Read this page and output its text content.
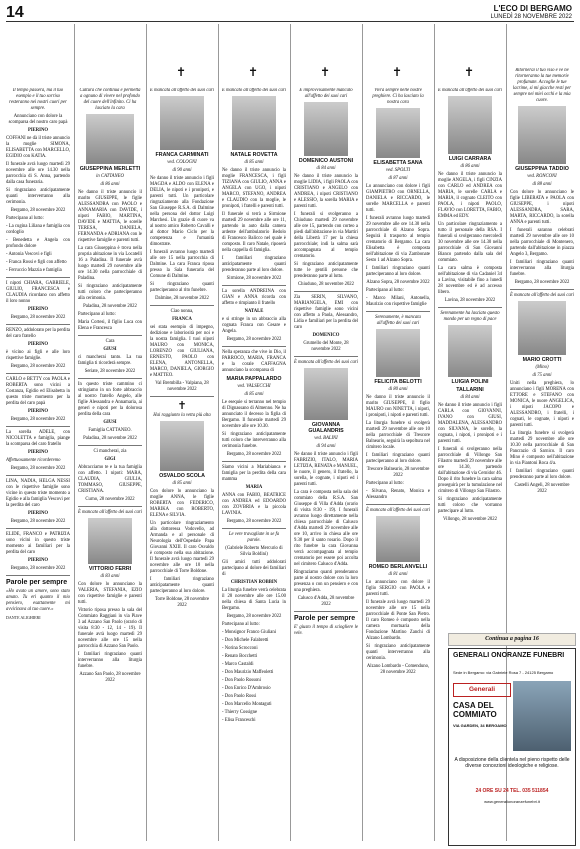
14	L'ECO DI BERGAMO
LUNEDÌ 28 NOVEMBRE 2022

Il tempo passerà, ma il tuo esempio e il tuo sorriso resteranno nei nostri cuori per sempre.

Annunciano con dolore la scomparsa del nostro caro papà

PIERINO

COFFANI ne dà il triste annuncio la moglie SIMONA, ELISABETTA con MARCELLO, EGIDIO con KATIA.

Il funerale avrà luogo martedì 29 novembre alle ore 14.30 nella parrocchia di S. Anna, partendo dalla casa funeraria.

Si ringraziano anticipatamente quanti interverranno alla cerimonia.

Bergamo, 28 novembre 2022

Partecipano al lutto:

- La cugina Liliana e famiglia con cordoglio

- Benedetta e Angela con profondo dolore

- Antonia Vescovi e figli

- Franca Rossi e figli con affetto

- Ferruccio Mazzia e famiglia

I nipoti CHIARA, GABRIELE, GIULIO, FRANCESCA e CLAUDIA ricordano con affetto il loro nonno

PIERINO

Bergamo, 28 novembre 2022

RENZO, addolorato per la perdita del caro fratello

PIERINO

è vicino ai figli e alle loro rispettive famiglie.

Bergamo, 28 novembre 2022

CARLO e BETTY con PAOLA e ROBERTA sono vicini a Costanza, Egidio ed Elisabetta in questo triste momento per la perdita del caro papà

PIERINO

Bergamo, 28 novembre 2022

La sorella ADELE, con NICOLETTA e famiglia, piange la scomparsa del caro fratello

PIERINO

Affettuosamente ricorderemo

Bergamo, 28 novembre 2022

LINA, NADIA, HELGA NESSI con le rispettive famiglie sono vicine in questo triste momento a Egidio e alla famiglia Vescovi per la perdita del caro

PIERINO

Bergamo, 28 novembre 2022

ELIDE, FRANCO e PATRIZIA sono vicini in questo triste momento ai familiari per la perdita del caro

PIERINO

Bergamo, 28 novembre 2022

Parole per sempre

«Ho avuto un amore, sono stato amato. Tu eri quanto il mio pensiero, esattamente mi avvicinava al tuo cuore.»

DANTE ALIGHIERI

Cultura che continua e permetta a ognuno di vivere nel profondo del cuore dell'infinito. Ci ha lasciato la cara

GIUSEPPINA MERLETTI

in CATTANEO

di 86 anni

Ne danno il triste annuncio il marito GIUSEPPE, le figlie ALESSANDRA con PAOLO e ANNAMARIA con DAVIDE, i nipoti FABIO, MARTINA, DAVIDE e MATTIA, le sorelle TERESA, DANIELA, FERNANDA e ADRIANA con le rispettive famiglie e parenti tutti.

La cara Giuseppina è trova nella propria abitazione in via Locatelli 16 a Paladina. Il funerale avrà luogo martedì 29 novembre alle ore 14.30 nella parrocchiale di Paladina.

Si ringraziano anticipatamente tutti coloro che parteciperanno alla cerimonia.

Paladina, 28 novembre 2022

Partecipano al lutto:

Maria Cortesi, il figlio Luca con Elena e Francesca

Cara

GIUSI

ci mancherai tanto. La tua famiglia ti ricorderà sempre.

Seriate, 28 novembre 2022

In questo triste cammino ci stringiamo in un forte abbraccio al nostro fratello Angelo, alle figlie Alessandra e Annamaria, ai generi e nipoti per la dolorosa perdita della cara

GIUSI

Famiglia CATTANEO.

Paladina, 28 novembre 2022

Ci mancherai, zia

GIGI

Abbracciamo te e la tua famiglia con affetto. I nipoti: MARA, CLAUDIA, GIULIA, TOMMASO, GIUSEPPE, CRISTIANA.

Curno, 28 novembre 2022

È mancato all'affetto dei suoi cari

VITTORIO FERRI

di 83 anni

Con dolore lo annunciano la VALERIA, STEFANIA, EZIO con rispettive famiglie e parenti tutti.

Vittorio riposa presso la sala del Commiato Raggiani in via Piave 3 ad Azzano San Paolo (orario di visita 8:30 - 12, 14 - 19). Il funerale avrà luogo martedì 29 novembre alle ore 15 nella parrocchia di Azzano San Paolo.

I familiari ringraziano quanti interverranno alla liturgia funebre.

Azzano San Paolo, 28 novembre 2022

È mancata all'affetto dei suoi cari

FRANCA CARMINATI

ved. COLOGNI

di 90 anni

Ne danno il triste annuncio i figli MAGDA e ALDO con ELENA e DELIA, le nipoti e i pronipoti, e parenti tutti. Un particolare ringraziamento alla Fondazione San Giuseppe R.S.A. di Dalmine nella persona del dottor Luigi Marchesi. Un grazie di cuore va al nostro amico Roberto Cavalli e al dottor Mario Ciclo per la competenza e l'umanità dimostrate.

I funerali avranno luogo martedì alle ore 15 nella parrocchia di Dalmine. La cara Franca riposa presso la Sala funeraria del Comune di Dalmine.

Si ringraziano quanti parteciperanno al rito funebre.

Dalmine, 28 novembre 2022

Ciao nonna,

FRANCA

sei stata esempio di impegno, dedizione e laboriosità per noi e la nostra famiglia. I tuoi nipoti MAURO con MONICA, LORENZO con GIULIANA, ERNESTO, PAOLO con ELENA, ANTONELLA, MARCO, DANIELA, GIORGIO e MATTEO.

Val Brembilla - Valpiana, 28 novembre 2022

✝

Hai raggiunto la vetta più alta

OSVALDO SCOLA

di 85 anni

Con dolore lo annunciano la moglie ANNA, le figlie ROBERTA con FEDERICO, MARIKA con ROBERTO, ELENA e SILVIA.

Un particolare ringraziamento alla dottoressa Vodovello, ad Armanda e al personale di Neurologia dell'Ospedale Papa Giovanni XXIII. Il caro Osvaldo è composto nella sua abitazione. Il funerale avrà luogo martedì 29 novembre alle ore 10 nella parrocchiale di Torre Boldone.

I familiari ringraziano anticipatamente quanti parteciperanno al loro dolore.

Torre Boldone, 28 novembre 2022

È mancato all'affetto dei suoi cari

NATALE ROVETTA

di 85 anni

Ne danno il triste annuncio la moglie FRANCESCA, i figli TIZIANA con GIULIO, ANNA e ANGELA con UGO, i nipoti MARCO, STEFANO, ANDREA e CLAUDIO con la moglie, le pronipoti, i fratelli e parenti tutti.

Il funerale si terrà a Sirmione martedì 29 novembre alle ore 11, partendo in auto dalla camera ardente dell'ambulatorio Bedolo di Francesco Balicco nel quale è composto. Il caro Natale, riposerà nella cappella di famiglia.

I familiari ringraziano anticipatamente quanti prenderanno parte al loro dolore.

Sirmione, 28 novembre 2022

La sorella ANDREINA con GIAN e ANNA ricorda con affetto e rimpianto il fratello

NATALE

e si stringe in un abbraccio alla cognata Franca con Cesare e Angela.

Bergamo, 28 novembre 2022

Nella speranza che vive in Dio, il PARROCO, MARIA, FRANCA e la corale CAFFAGNA annunciano la scomparsa di

MARIA PAPPALARDO

ved. VALSECCHI

di 85 anni

Le esequie si terranno nel tempio di Dignassano di Almenno. Ne ha annunciato il decesso la figlia di Bergamo. Il funerale martedì 29 novembre alle ore 10.30.

Si ringraziano anticipatamente tutti coloro che interverranno alla cerimonia funebre.

Bergamo, 28 novembre 2022

Siamo vicini a Mariabianca e famiglia per la perdita della cara mamma

MARIA

ANNA con FABIO, BEATRICE con ANDREA ed EDOARDO con ZOVBRIA e la piccola LAVINIA.

Bergamo, 28 novembre 2022

Le vere travagliate in se fa parole.

(Gabriele Roberto Mercurio di Silvia Boldini)

Gli amici tutti addolorati partecipano al dolore dei familiari di

CHRISTIAN ROBBIN

La liturgia funebre verrà celebrata il 28 novembre alle ore 15.00 nella chiesa di Santa Lucia in Bergamo.

Bergamo, 28 novembre 2022

Partecipano al lutto:

- Monsignor Franco Giuliani

- Don Michele Falabretti

- Norina Scrocconi

- Renato Bocchetti

- Marco Castaldi

- Don Maurizio Maffeoletti

- Don Paolo Rossoni

- Don Enrico D'Ambrosio

- Don Paolo Rossi

- Don Marcello Montaguti

- Thierry Cossigne

- Elisa Franceschi

È improvvisamente mancato all'affetto dei suoi cari

DOMENICO AUSTONI

di 84 anni

Ne danno il triste annuncio la moglie LIDIA, i figli PAOLA con CRISTIANO e ANGELO con ANDREA, i nipoti CRISTIANO e ALESSIO, la sorella MARIA e parenti tutti.

I funerali si svolgeranno a Chiuduno martedì 29 novembre alle ore 15, partendo con corteo a piedi dall'abitazione in via Martiri della Libertà 17 per la chiesa parrocchiale; indi la salma sarà accompagnata al tempio crematorio.

Si ringraziano anticipatamente tutte le gentili persone che prenderanno parte al lutto.

Chiuduno, 28 novembre 2022

Zia SERIN, SILVANO, MARIANGELA, EMI con rispettive famiglie sono vicini con affetto a Paola, Alessandro, Lidia e familiari per la perdita del caro

DOMENICO

Grumello del Monte, 28 novembre 2022

È mancata all'affetto dei suoi cari

GIOVANNA GUALANDRIS

ved. BALINI

di 94 anni

Ne danno il triste annuncio i figli FABRIZIO, ITALO, MARIA LETIZIA, RENATA e MANUEL, le nuore, il genero, il fratello, la sorella, le cognate, i nipoti ed i parenti tutti.

La cara è composta nella sala del commiato della R.S.A. San Giuseppe di Villa d'Adda (orario di visita 8:30 - 19). I funerali avranno luogo direttamente nella chiesa parrocchiale di Calusco d'Adda martedì 29 novembre alle ore 10, arrivo in chiesa alle ore 9.30 per il santo rosario. Dopo il rito funebre la cara Giovanna verrà accompagnata al tempio crematorio per essere poi accolta nel cimitero Calusco d'Adda.

Ringraziamo quanti prenderanno parte al nostro dolore con la loro presenza o con un pensiero e con una preghiera.

Calusco d'Adda, 28 novembre 2022

Parole per sempre

E' giusto il tempo di sciogliere le vele.

Vivrà sempre nelle nostre preghiere. Ci ha lasciato la nostra cara

ELISABETTA SANA

ved. SPOLTI

di 87 anni

Lo annunciano con dolore i figli GIAMPIETRO con ORNELLA, DANIELA e RICCARDO, le sorelle MARCELLA e parenti tutti.

I funerali avranno luogo martedì 29 novembre alle ore 14.30 nella parrocchiale di Alzano Sopra. Seguirà il trasporto al tempio crematorio di Bergamo. La cara Elisabetta è composta nell'abitazione di via Zambonate Sesto 1 ad Alzano Sopra.

I familiari ringraziano quanti parteciperanno al loro dolore.

Alzano Sopra, 28 novembre 2022

Partecipano al lutto:

- Marco Milani, Antonella, Maurizio con rispettive famiglie

Serenamente, è mancata all'affetto dei suoi cari

FELICITA BELOTTI

di 80 anni

Ne danno il triste annuncio il marito GIUSEPPE, il figlio MAURO con NINETTA, i nipoti, i pronipoti, i nipoti e parenti tutti.

La liturgia funebre si svolgerà martedì 29 novembre alle ore 10 nella parrocchiale di Trescore Balneario, seguirà la sepoltura nel cimitero locale.

I familiari ringraziano quanti parteciperanno al loro dolore.

Trescore Balneario, 28 novembre 2022

Partecipano al lutto:

- Silvana, Renato, Monica e Alessandro

È mancato all'affetto dei suoi cari

ROMEO BERLANVELLI

di 81 anni

Lo annunciano con dolore il figlio SERGIO con PAOLA e parenti tutti.

Il funerale avrà luogo martedì 29 novembre alle ore 15 nella parrocchiale di Ponte San Pietro. Il caro Romeo è composto nella camera mortuaria della Fondazione Martino Zanchi di Alzano Lombardo.

Si ringraziano anticipatamente quanti interverranno alla cerimonia.

Alzano Lombardo - Comenduno, 28 novembre 2022

È mancata all'affetto dei suoi cari

LUIGI CARRARA

di 86 anni

Ne danno il triste annuncio la moglie ANGELA, i figli CINZIA con CARLO ed ANDREA con MARIA, le sorelle CARLA e MARIA, il cognato CLEITO con PAOLA, i nipoti PAOLO, FLAVIO con LORETTA, FABIO, EMMA ed EDY.

Un particolare ringraziamento a tutto il personale della RSA. I funerali si svolgeranno mercoledì 30 novembre alle ore 14.30 nella parrocchiale di San Giovanni Bianco partendo dalla sala del commiato.

La cara salma è composta nell'abitazione di via Cadaniel 34 a Lavina, visitabile fino a lunedì 28 novembre ed è ad accesso libero.

Lavina, 28 novembre 2022

Serenamente ha lasciato questo mondo per un regno di pace

LUIGIA POLINI

TALLARINI

di 84 anni

Ne danno il triste annuncio i figli CARLA con GIOVANNI, IVANO con GIUSI, MADDALENA, ALESSANDRO con SILVANA, le sorelle, la cognata, i nipoti, i pronipoti e i parenti tutti.

I funerali si svolgeranno nella parrocchiale di Villongo San Filastro martedì 29 novembre alle ore 14.30, partendo dall'abitazione di via Cernidor 46. Dopo il rito funebre la cara salma proseguirà per la tumulazione nel cimitero di Villongo San Filastro.

Si ringraziano anticipatamente tutti coloro che vorranno partecipare al lutto.

Villongo, 28 novembre 2022

Ritornerai il tuo viso e ve ne ritorneranno la tue memorie profumate. Accoglie le tue lacrime, si mi giacche resti per sempre nei miei occhi e la mia cuore.

GIUSEPPINA TADDIO

ved. RONCONI

di 88 anni

Con dolore lo annunciano le figlie LIBERATA e PAOLA con GIUSEPPE, i nipoti ALESSANDRA, SARA, MARTA, RICCARDO, la sorella ANNA e parenti tutti.

I funerali saranno celebrati martedì 29 novembre alle ore 10 nella parrocchiale di Montenero, partendo dall'abitazione in piazza Angelo 3, Bergamo.

I familiari ringraziano quanti interverranno alla liturgia funebre.

Bergamo, 28 novembre 2022

È mancato all'affetto dei suoi cari

MARIO CROTTI

(Mino)

di 75 anni

Uniti nella preghiera, lo annunciano i figli MORENA con ETTORE e STEFANO con MONICA, le nuore ANGELICA, i nipoti JACOPO e ALESSANDRO, i fratelli, i cognati, le cognate, i nipoti e parenti tutti.

La liturgia funebre si svolgerà martedì 29 novembre alle ore 10.30 nella parrocchiale di San Pancrazio di Sarnico. Il caro Mino è composto nell'abitazione in via Piantoni Roca 4/a.

I familiari ringraziano quanti prenderanno parte al loro dolore.

Castelli Angeli, 28 novembre 2022

✝	✝	✝	✝	✝
Continua a pagina 16
GENERALI ONORANZE FUNEBRI
Sede in Bergamo: via Gabriele Rosa 7 - 24125 Bergamo
Generali
CASA DEL COMMIATO
VIA GARDEN, 34 BERGAMO
A disposizione della clientela nel pieno rispetto delle diverse concezioni ideologiche e religiose.
24 ORE SU 24 TEL. 035 511854
www.generalionoranzefunebri.it
